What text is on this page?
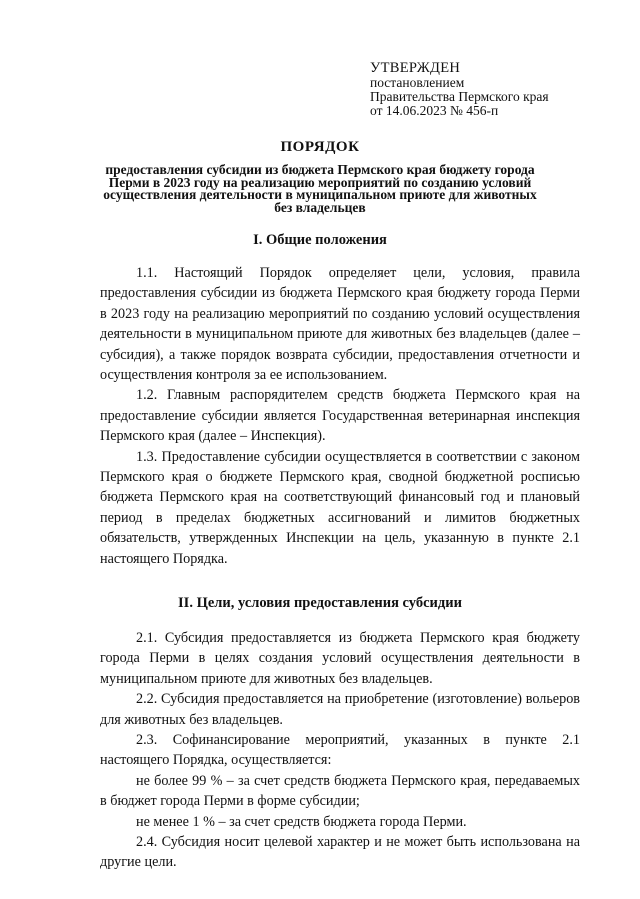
УТВЕРЖДЕН
постановлением
Правительства Пермского края
от 14.06.2023 № 456-п
ПОРЯДОК
предоставления субсидии из бюджета Пермского края бюджету города Перми в 2023 году на реализацию мероприятий по созданию условий осуществления деятельности в муниципальном приюте для животных без владельцев
I. Общие положения

1.1. Настоящий Порядок определяет цели, условия, правила предоставления субсидии из бюджета Пермского края бюджету города Перми в 2023 году на реализацию мероприятий по созданию условий осуществления деятельности в муниципальном приюте для животных без владельцев (далее – субсидия), а также порядок возврата субсидии, предоставления отчетности и осуществления контроля за ее использованием.

1.2. Главным распорядителем средств бюджета Пермского края на предоставление субсидии является Государственная ветеринарная инспекция Пермского края (далее – Инспекция).

1.3. Предоставление субсидии осуществляется в соответствии с законом Пермского края о бюджете Пермского края, сводной бюджетной росписью бюджета Пермского края на соответствующий финансовый год и плановый период в пределах бюджетных ассигнований и лимитов бюджетных обязательств, утвержденных Инспекции на цель, указанную в пункте 2.1 настоящего Порядка.

II. Цели, условия предоставления субсидии

2.1. Субсидия предоставляется из бюджета Пермского края бюджету города Перми в целях создания условий осуществления деятельности в муниципальном приюте для животных без владельцев.

2.2. Субсидия предоставляется на приобретение (изготовление) вольеров для животных без владельцев.

2.3. Софинансирование мероприятий, указанных в пункте 2.1 настоящего Порядка, осуществляется:

не более 99 % – за счет средств бюджета Пермского края, передаваемых в бюджет города Перми в форме субсидии;

не менее 1 % – за счет средств бюджета города Перми.

2.4. Субсидия носит целевой характер и не может быть использована на другие цели.
